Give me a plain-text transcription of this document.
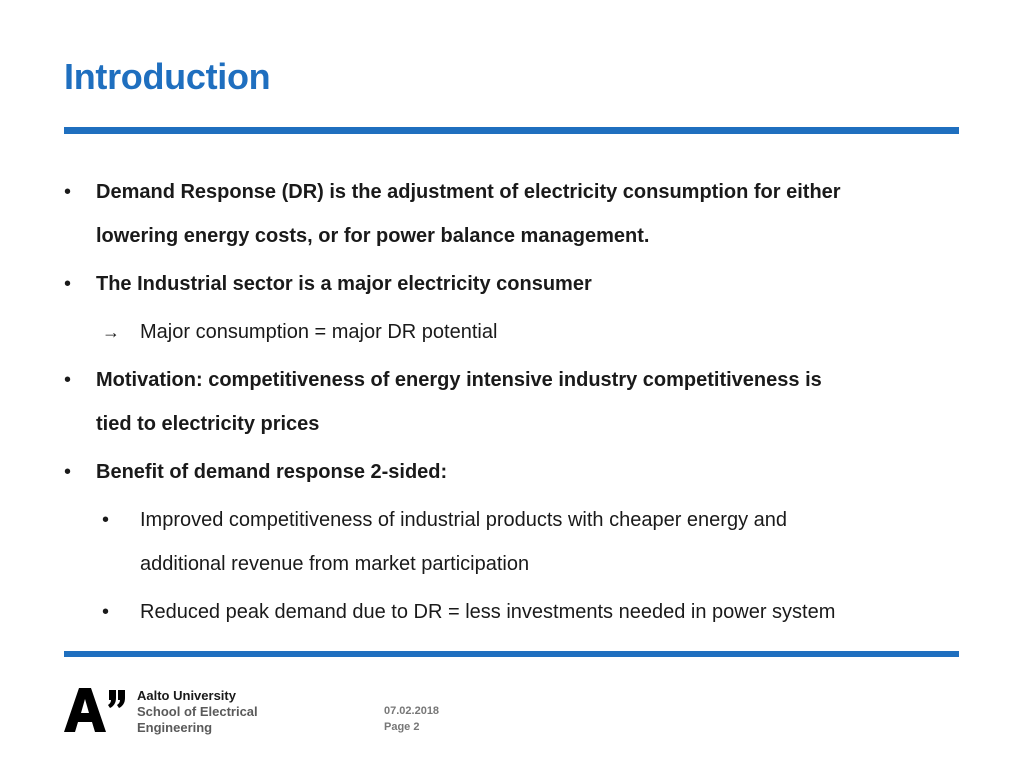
Introduction
• Demand Response (DR) is the adjustment of electricity consumption for either
lowering energy costs, or for power balance management.
• The Industrial sector is a major electricity consumer
→ Major consumption = major DR potential
• Motivation: competitiveness of energy intensive industry competitiveness is
tied to electricity prices
• Benefit of demand response 2-sided:
• Improved competitiveness of industrial products with cheaper energy and
additional revenue from market participation
• Reduced peak demand due to DR = less investments needed in power system
Aalto University
School of Electrical
Engineering
07.02.2018
Page 2
